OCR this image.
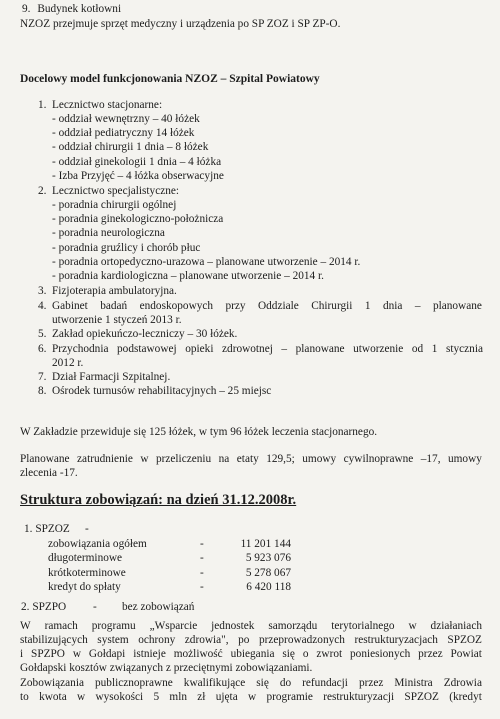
9. Budynek kotłowni
NZOZ przejmuje sprzęt medyczny i urządzenia po SP ZOZ i SP ZP-O.
Docelowy model funkcjonowania NZOZ – Szpital Powiatowy
1. Lecznictwo stacjonarne:
- oddział wewnętrzny – 40 łóżek
- oddział pediatryczny 14 łóżek
- oddział chirurgii 1 dnia – 8 łóżek
- oddział ginekologii 1 dnia – 4 łóżka
- Izba Przyjęć – 4 łóżka obserwacyjne
2. Lecznictwo specjalistyczne:
- poradnia chirurgii ogólnej
- poradnia ginekologiczno-położnicza
- poradnia neurologiczna
- poradnia gruźlicy i chorób płuc
- poradnia ortopedyczno-urazowa – planowane utworzenie – 2014 r.
- poradnia kardiologiczna – planowane utworzenie – 2014 r.
3. Fizjoterapia ambulatoryjna.
4. Gabinet badań endoskopowych przy Oddziale Chirurgii 1 dnia – planowane
utworzenie 1 styczeń 2013 r.
5. Zakład opiekuńczo-leczniczy – 30 łóżek.
6. Przychodnia podstawowej opieki zdrowotnej – planowane utworzenie od 1 stycznia
2012 r.
7. Dział Farmacji Szpitalnej.
8. Ośrodek turnusów rehabilitacyjnych – 25 miejsc
W Zakładzie przewiduje się 125 łóżek, w tym 96 łóżek leczenia stacjonarnego.
Planowane zatrudnienie w przeliczeniu na etaty 129,5; umowy cywilnoprawne –17, umowy
zlecenia -17.
Struktura zobowiązań: na dzień 31.12.2008r.
1. SPZOZ -
zobowiązania ogółem	-	11 201 144
długoterminowe	-	5 923 076
krótkoterminowe	-	5 278 067
kredyt do spłaty	-	6 420 118
2. SPZPO - bez zobowiązań
W ramach programu „Wsparcie jednostek samorządu terytorialnego w działaniach
stabilizujących system ochrony zdrowia", po przeprowadzonych restrukturyzacjach SPZOZ
i SPZPO w Gołdapi istnieje możliwość ubiegania się o zwrot poniesionych przez Powiat
Gołdapski kosztów związanych z przeciętnymi zobowiązaniami.
Zobowiązania publicznoprawne kwalifikujące się do refundacji przez Ministra Zdrowia
to kwota w wysokości 5 mln zł ujęta w programie restrukturyzacji SPZOZ (kredyt
